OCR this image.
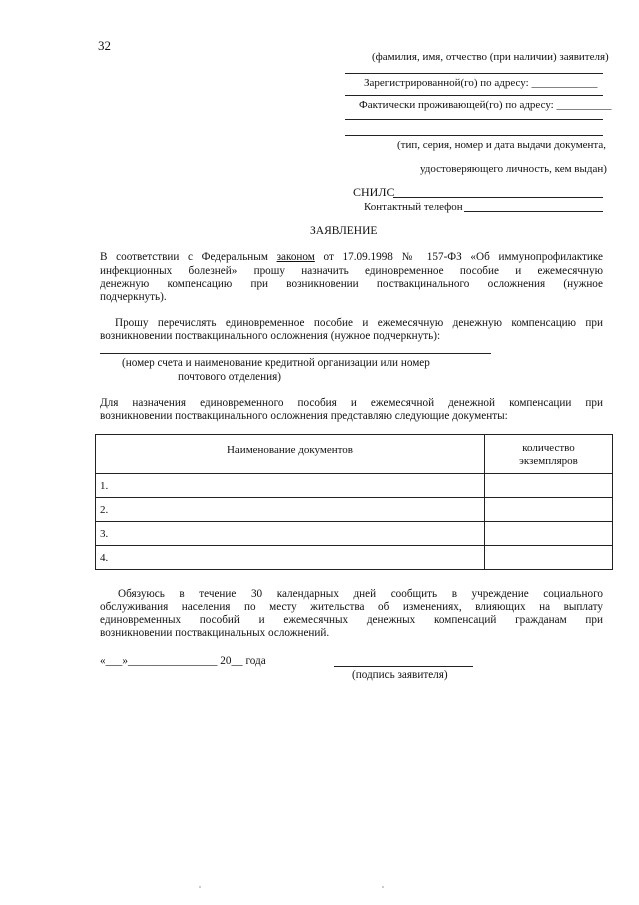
32
(фамилия, имя, отчество (при наличии) заявителя)
Зарегистрированной(го) по адресу: ____________
Фактически проживающей(го) по адресу: __________
(тип, серия, номер и дата выдачи документа,
удостоверяющего личность, кем выдан)
СНИЛС
Контактный телефон
ЗАЯВЛЕНИЕ
В соответствии с Федеральным законом от 17.09.1998 № 157-ФЗ «Об иммунопрофилактике
инфекционных болезней» прошу назначить единовременное пособие и ежемесячную
денежную компенсацию при возникновении поствакцинального осложнения (нужное
подчеркнуть).
Прошу перечислять единовременное пособие и ежемесячную денежную компенсацию при
возникновении поствакцинального осложнения (нужное подчеркнуть):
(номер счета и наименование кредитной организации или номер
почтового отделения)
Для назначения единовременного пособия и ежемесячной денежной компенсации при
возникновении поствакцинального осложнения представляю следующие документы:
Наименование документов	количество
экземпляров

1.	
2.	
3.	
4.	
Обязуюсь в течение 30 календарных дней сообщить в учреждение социального
обслуживания населения по месту жительства об изменениях, влияющих на выплату
единовременных пособий и ежемесячных денежных компенсаций гражданам при
возникновении поствакцинальных осложнений.
«___»________________ 20__ года
(подпись заявителя)
